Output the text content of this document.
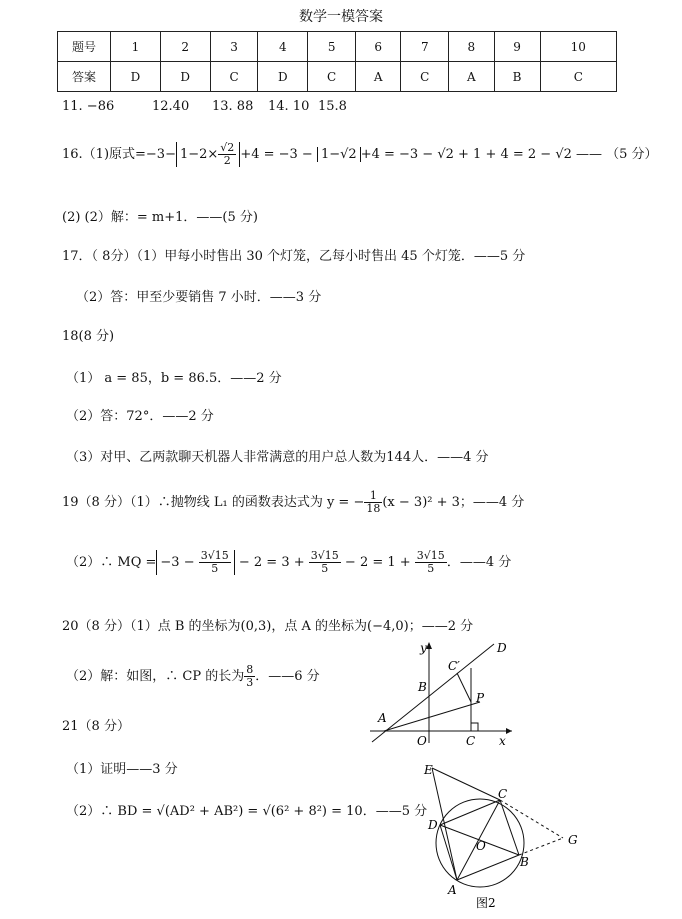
数学一模答案
题号	1	2	3	4	5	6	7	8	9	10
答案	D	D	C	D	C	A	C	A	B	C
11. −86	12.40 13. 88 14. 10 15.8
16.（1)原式$=-3- 1-2\times \frac{√2}{2} +4 = -3 - 1-√2 +4 = -3 - √2 + 1 + 4 = 2 - √2$ —— （5 分）
(2) (2）解：= m+1．——(5 分)
17．（ 8分）（1）甲每小时售出 30 个灯笼，乙每小时售出 45 个灯笼．——5 分
（2）答：甲至少要销售 7 小时．——3 分
18(8 分)
（1） a = 85，b = 86.5．——2 分
（2）答：72°．——2 分
（3）对甲、乙两款聊天机器人非常满意的用户总人数为144人．——4 分
19（8 分）（1）∴抛物线 L₁ 的函数表达式为 y = − $\frac{1}{18} (x - 3)^2 + 3$；——4 分
（2）∴ MQ = $-3 - \frac{3√15}{5} - 2 = 3 + \frac{3√15}{5} - 2 = 1 + \frac{3√15}{5}$ ．——4 分
20（8 分）（1）点 B 的坐标为(0,3)，点 A 的坐标为(−4,0)；——2 分
（2）解：如图，∴ CP 的长为 $\frac{8}{3}$ ．——6 分
21（8 分）
（1）证明——3 分
（2）∴ BD = √(AD² + AB²) = √(6² + 8²) = 10．——5 分
y	D
C′
B
P
A
O	C x
E
C
D
O	G
B
A
图2
